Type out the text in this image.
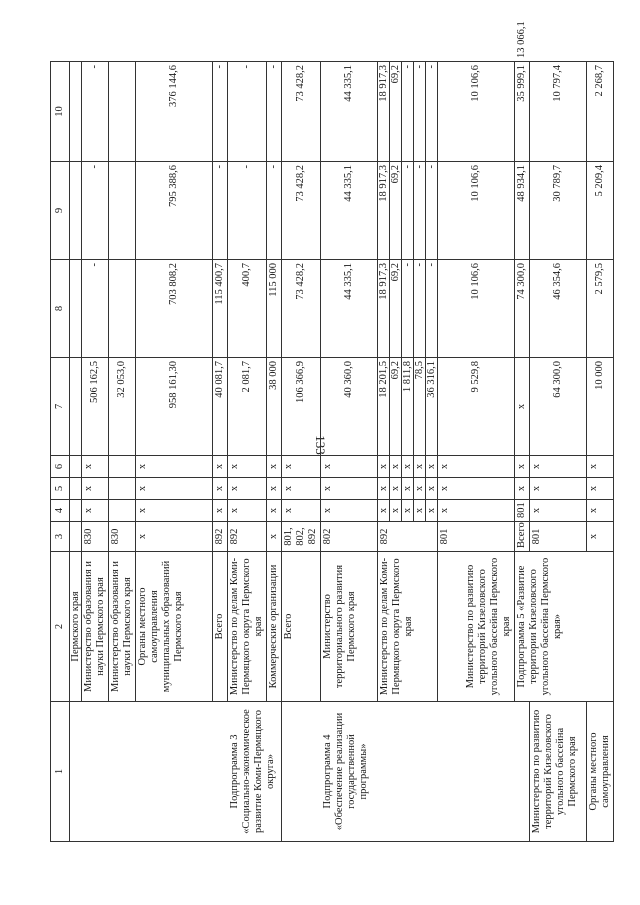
133
1	2	3	4	5	6	7	8	9	10	
Подпрограмма 3 «Социально-экономическое развитие Коми-Пермяцкого округа»	Пермского края									
	Министерство образования и науки Пермского края	830	х	х	х	506 162,5	-	-	-	
	Министерство образования и науки Пермского края	830				32 053,0				
	Органы местного самоуправления муниципальных образований Пермского края	х	х	х	х	958 161,30	703 808,2	795 388,6	376 144,6	
	Всего	892	х	х	х	40 081,7	115 400,7	-	-	
	Министерство по делам Коми-Пермяцкого округа Пермского края	892	х	х	х	2 081,7	400,7	-	-	
	Коммерческие организации	х	х	х	х	38 000	115 000	-	-	
Подпрограмма 4 «Обеспечение реализации государственной программы»	Всего	801, 802, 892	х	х	х	106 366,9	73 428,2	73 428,2	73 428,2	
	Министерство территориального развития Пермского края	802	х	х	х	40 360,0	44 335,1	44 335,1	44 335,1	
	Министерство по делам Коми-Пермяцкого округа Пермского края	892	х	х	х	18 201,5	18 917,3	18 917,3	18 917,3	
			х	х	х	69,2	69,2	69,2	69,2	
			х	х	х	1 811,8	-	-	-	
			х	х	х	78,5	-	-	-	
			х	х	х	36 316,1	-	-	-	
	Министерство по развитию территорий Кизеловского угольного бассейна Пермского края	801	х	х	х	9 529,8	10 106,6	10 106,6	10 106,6	
	Подпрограмма 5 «Развитие территории Кизеловского угольного бассейна Пермского края»	Всего	801	х	х	х	74 300,0	48 934,1	35 999,1	13 066,1
Министерство по развитию территорий Кизеловского угольного бассейна Пермского края		801	х	х	х	64 300,0	46 354,6	30 789,7	10 797,4	
Органы местного самоуправления		х	х	х	х	10 000	2 579,5	5 209,4	2 268,7	
